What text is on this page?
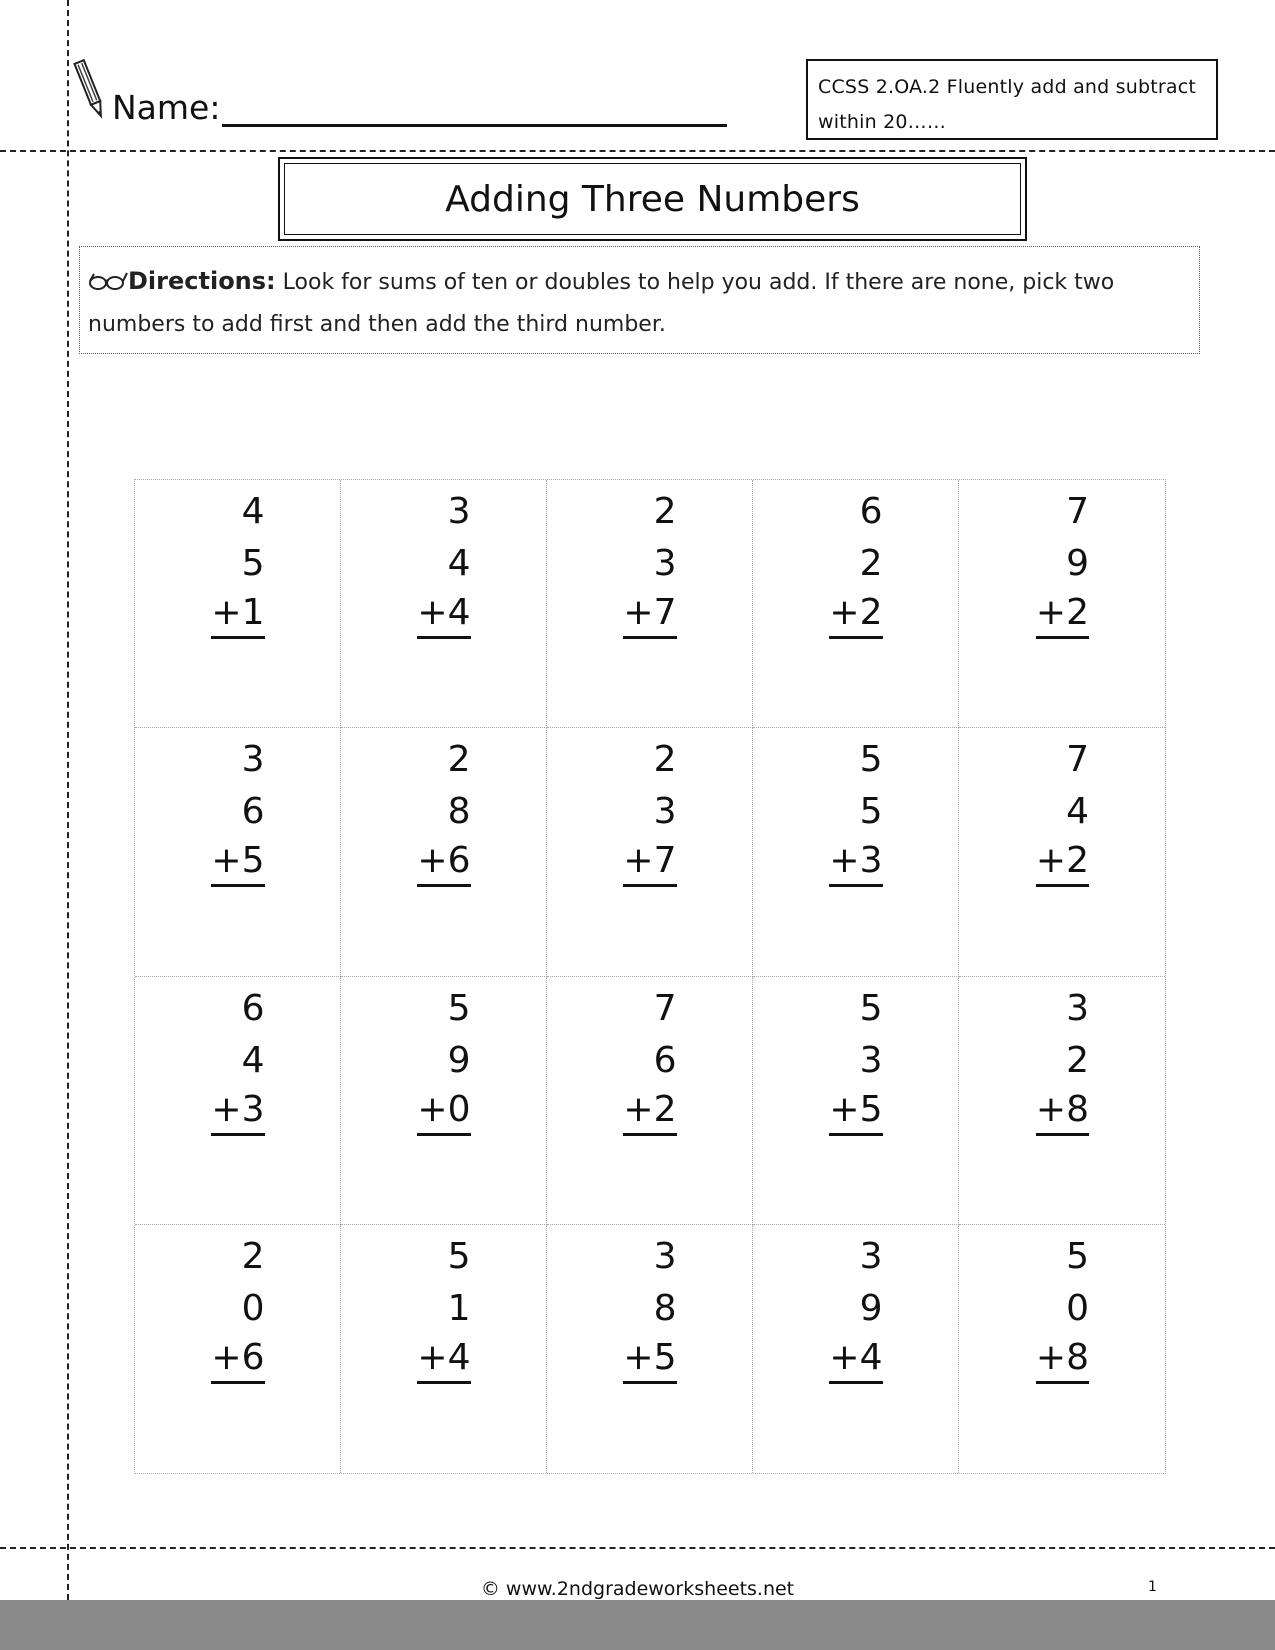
Name:
CCSS 2.OA.2 Fluently add and subtract within 20……
Adding Three Numbers
Directions: Look for sums of ten or doubles to help you add. If there are none, pick two numbers to add first and then add the third number.
4
5
+1
3
4
+4
2
3
+7
6
2
+2
7
9
+2
3
6
+5
2
8
+6
2
3
+7
5
5
+3
7
4
+2
6
4
+3
5
9
+0
7
6
+2
5
3
+5
3
2
+8
2
0
+6
5
1
+4
3
8
+5
3
9
+4
5
0
+8
© www.2ndgradeworksheets.net	1
